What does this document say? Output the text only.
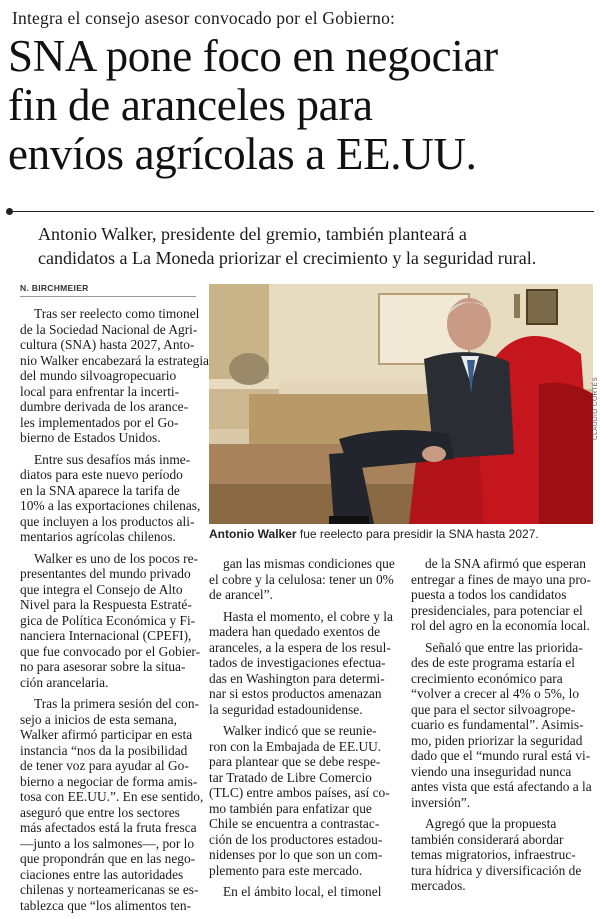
Integra el consejo asesor convocado por el Gobierno:
SNA pone foco en negociar
fin de aranceles para
envíos agrícolas a EE.UU.
Antonio Walker, presidente del gremio, también planteará a
candidatos a La Moneda priorizar el crecimiento y la seguridad rural.
N. BIRCHMEIER
CLAUDIO CORTÉS
Antonio Walker fue reelecto para presidir la SNA hasta 2027.

Tras ser reelecto como timonel
de la Sociedad Nacional de Agri-
cultura (SNA) hasta 2027, Anto-
nio Walker encabezará la estrategia
del mundo silvoagropecuario
local para enfrentar la incerti-
dumbre derivada de los arance-
les implementados por el Go-
bierno de Estados Unidos.

Entre sus desafíos más inme-
diatos para este nuevo período
en la SNA aparece la tarifa de
10% a las exportaciones chilenas,
que incluyen a los productos ali-
mentarios agrícolas chilenos.

Walker es uno de los pocos re-
presentantes del mundo privado
que integra el Consejo de Alto
Nivel para la Respuesta Estraté-
gica de Política Económica y Fi-
nanciera Internacional (CPEFI),
que fue convocado por el Gobier-
no para asesorar sobre la situa-
ción arancelaria.

Tras la primera sesión del con-
sejo a inicios de esta semana,
Walker afirmó participar en esta
instancia “nos da la posibilidad
de tener voz para ayudar al Go-
bierno a negociar de forma amis-
tosa con EE.UU.”. En ese sentido,
aseguró que entre los sectores
más afectados está la fruta fresca
—junto a los salmones—, por lo
que propondrán que en las nego-
ciaciones entre las autoridades
chilenas y norteamericanas se es-
tablezca que “los alimentos ten-

gan las mismas condiciones que
el cobre y la celulosa: tener un 0%
de arancel”.

Hasta el momento, el cobre y la
madera han quedado exentos de
aranceles, a la espera de los resul-
tados de investigaciones efectua-
das en Washington para determi-
nar si estos productos amenazan
la seguridad estadounidense.

Walker indicó que se reunie-
ron con la Embajada de EE.UU.
para plantear que se debe respe-
tar Tratado de Libre Comercio
(TLC) entre ambos países, así co-
mo también para enfatizar que
Chile se encuentra a contrastac-
ción de los productores estadou-
nidenses por lo que son un com-
plemento para este mercado.

En el ámbito local, el timonel

de la SNA afirmó que esperan
entregar a fines de mayo una pro-
puesta a todos los candidatos
presidenciales, para potenciar el
rol del agro en la economía local.

Señaló que entre las priorida-
des de este programa estaría el
crecimiento económico para
“volver a crecer al 4% o 5%, lo
que para el sector silvoagrope-
cuario es fundamental”. Asimis-
mo, piden priorizar la seguridad
dado que el “mundo rural está vi-
viendo una inseguridad nunca
antes vista que está afectando a la
inversión”.

Agregó que la propuesta
también considerará abordar
temas migratorios, infraestruc-
tura hídrica y diversificación de
mercados.
